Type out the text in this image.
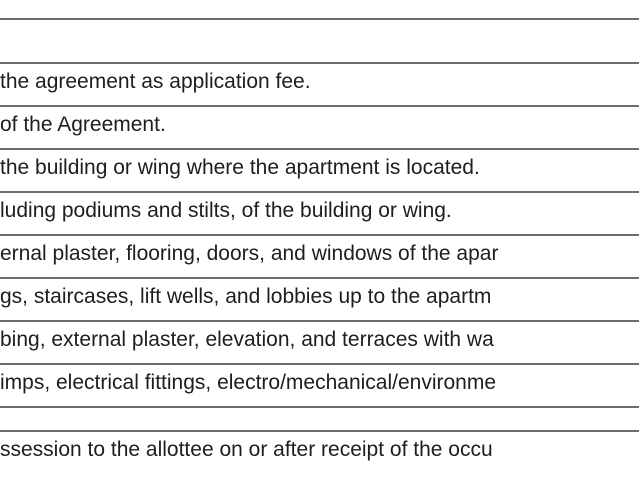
the agreement as application fee.
of the Agreement.
the building or wing where the apartment is located.
luding podiums and stilts, of the building or wing.
ernal plaster, flooring, doors, and windows of the apar
gs, staircases, lift wells, and lobbies up to the apartm
bing, external plaster, elevation, and terraces with wa
imps, electrical fittings, electro/mechanical/environme
ssession to the allottee on or after receipt of the occu
